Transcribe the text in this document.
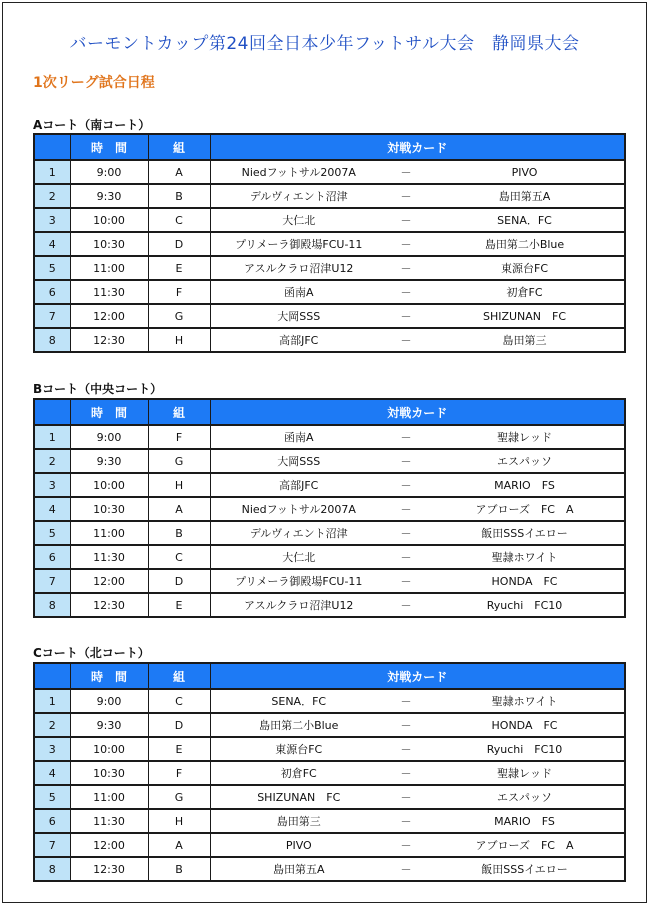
バーモントカップ第24回全日本少年フットサル大会　静岡県大会
1次リーグ試合日程
Aコート（南コート）
	時　間	組	対戦カード		
1	9:00	A	Niedフットサル2007A	－	PIVO
2	9:30	B	デルヴィエント沼津	－	島田第五A
3	10:00	C	大仁北	－	SENA．FC
4	10:30	D	プリメーラ御殿場FCU-11	－	島田第二小Blue
5	11:00	E	アスルクラロ沼津U12	－	東源台FC
6	11:30	F	函南A	－	初倉FC
7	12:00	G	大岡SSS	－	SHIZUNAN　FC
8	12:30	H	高部JFC	－	島田第三
Bコート（中央コート）
	時　間	組	対戦カード		
1	9:00	F	函南A	－	聖隷レッド
2	9:30	G	大岡SSS	－	エスパッソ
3	10:00	H	高部JFC	－	MARIO　FS
4	10:30	A	Niedフットサル2007A	－	アブローズ　FC　A
5	11:00	B	デルヴィエント沼津	－	飯田SSSイエロー
6	11:30	C	大仁北	－	聖隷ホワイト
7	12:00	D	プリメーラ御殿場FCU-11	－	HONDA　FC
8	12:30	E	アスルクラロ沼津U12	－	Ryuchi　FC10
Cコート（北コート）
	時　間	組	対戦カード		
1	9:00	C	SENA．FC	－	聖隷ホワイト
2	9:30	D	島田第二小Blue	－	HONDA　FC
3	10:00	E	東源台FC	－	Ryuchi　FC10
4	10:30	F	初倉FC	－	聖隷レッド
5	11:00	G	SHIZUNAN　FC	－	エスパッソ
6	11:30	H	島田第三	－	MARIO　FS
7	12:00	A	PIVO	－	アブローズ　FC　A
8	12:30	B	島田第五A	－	飯田SSSイエロー
